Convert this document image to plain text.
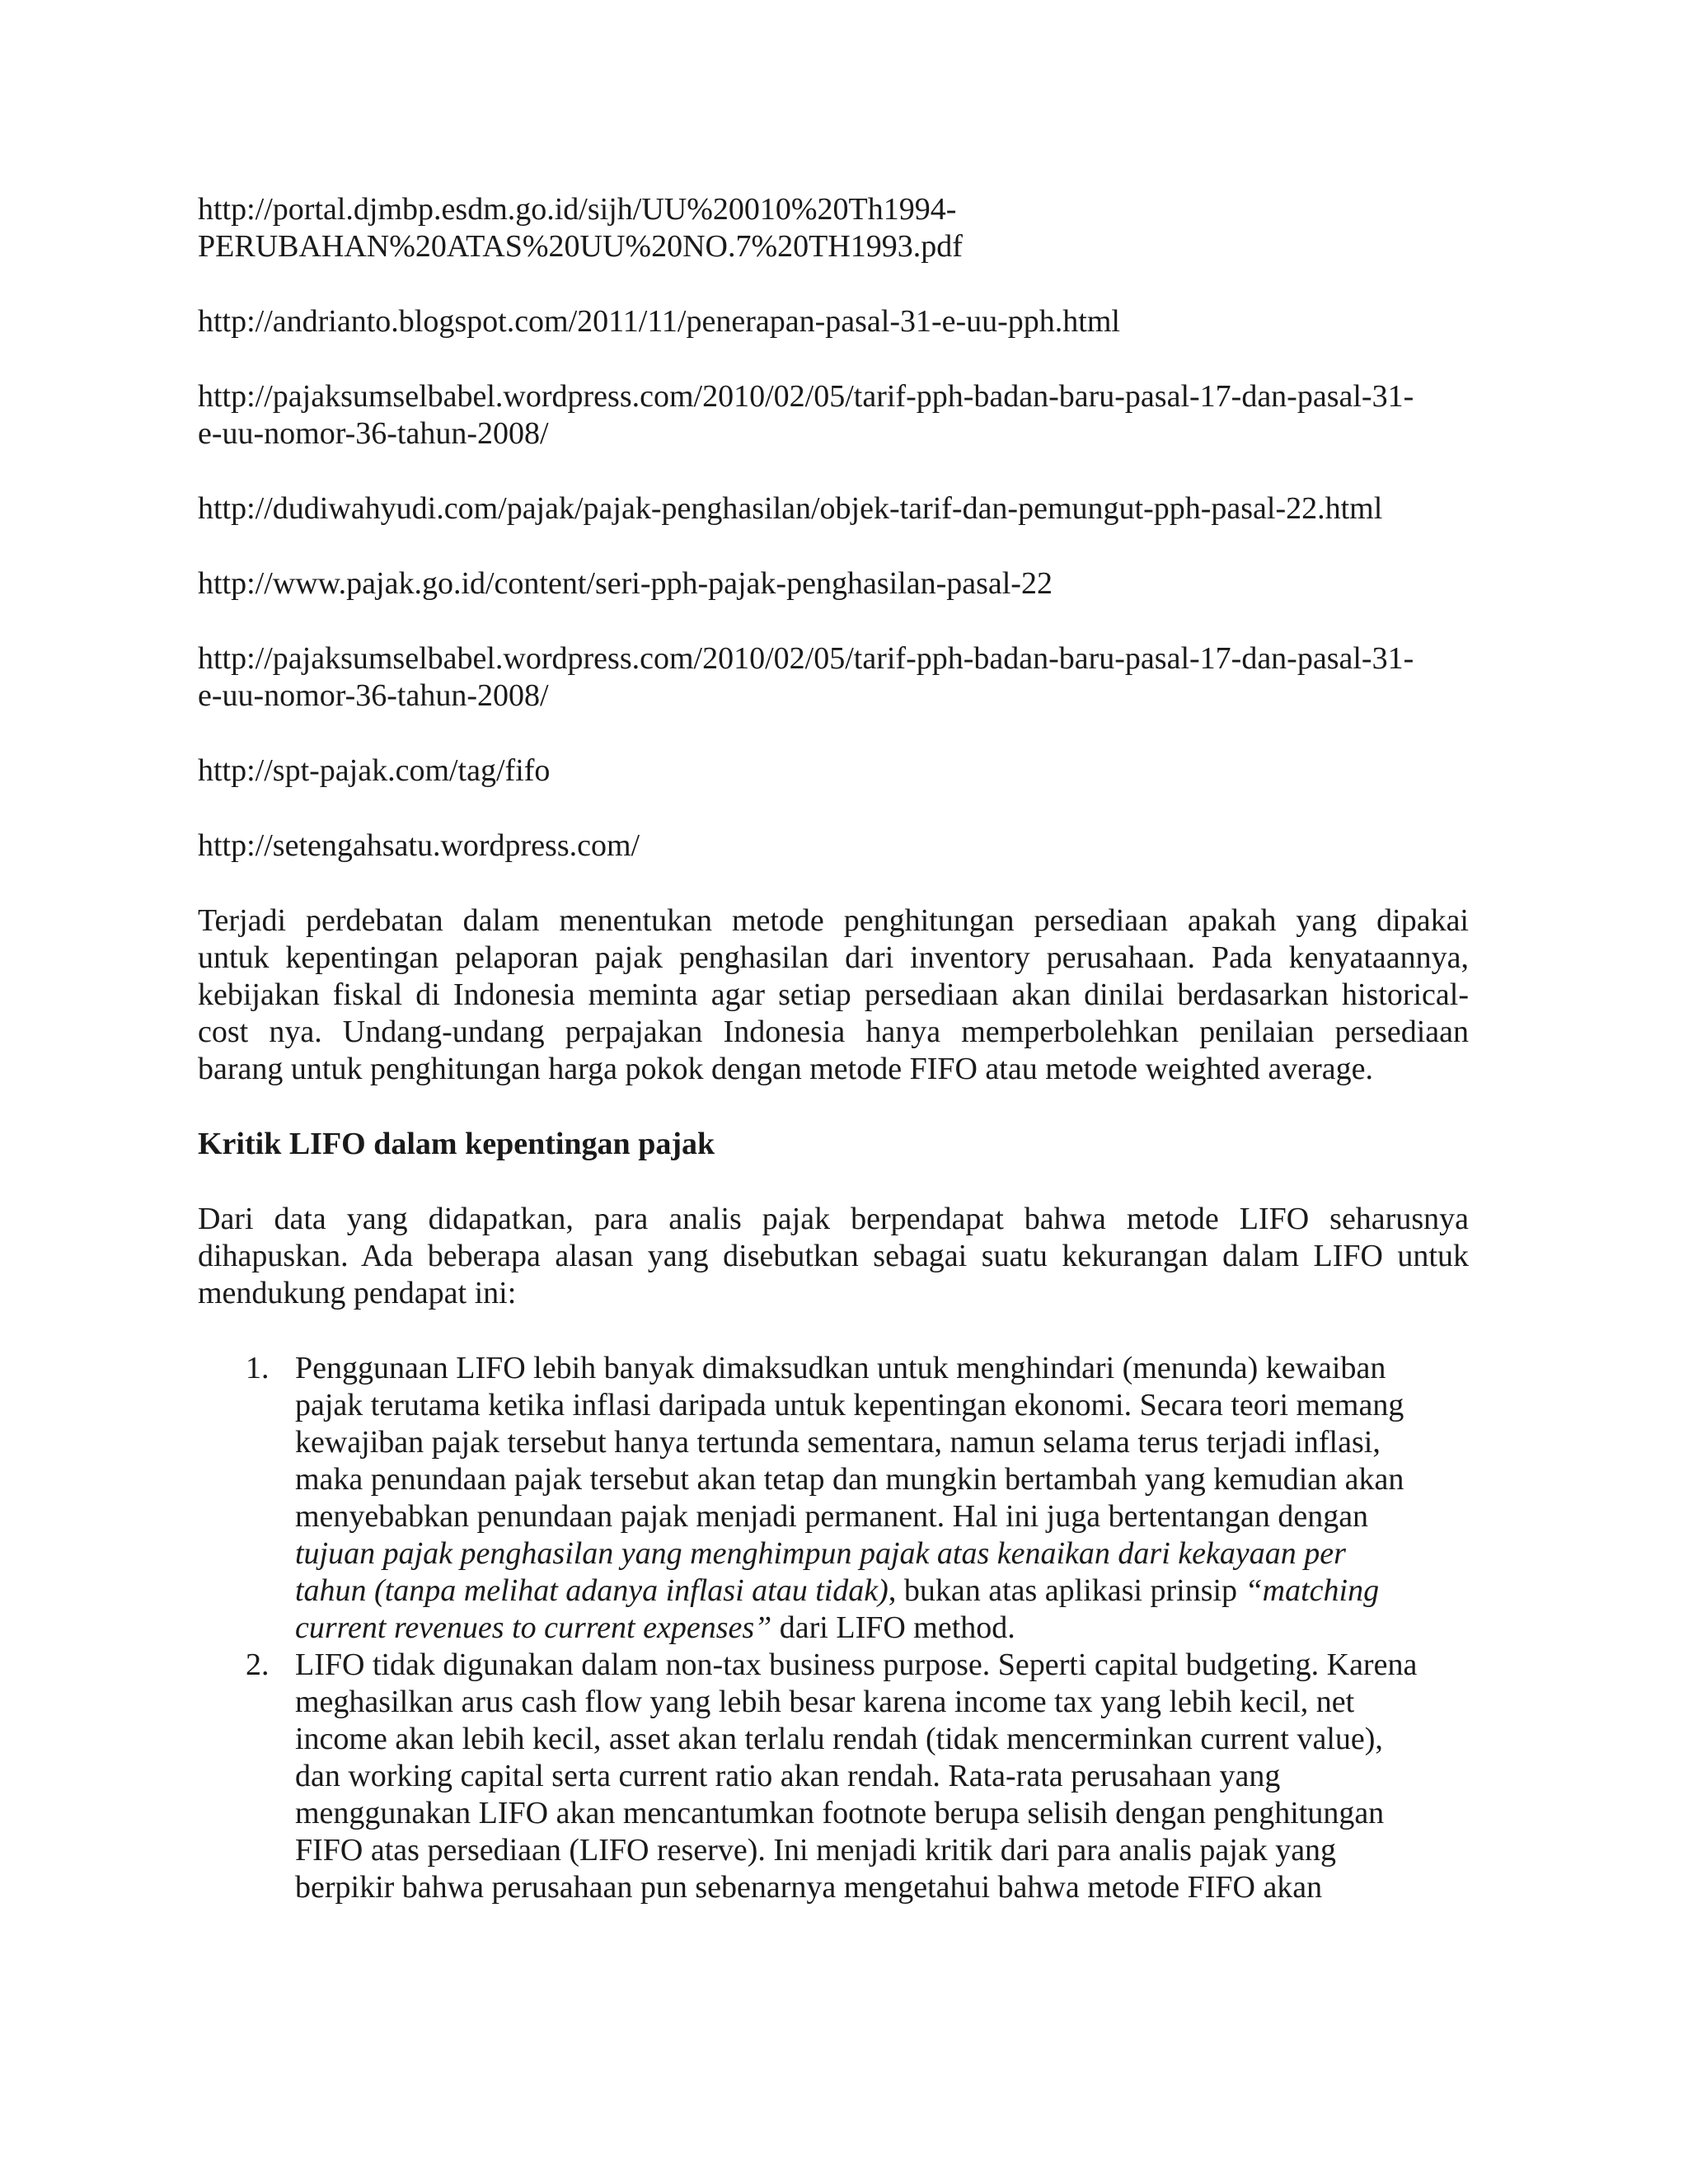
http://portal.djmbp.esdm.go.id/sijh/UU%20010%20Th1994-
PERUBAHAN%20ATAS%20UU%20NO.7%20TH1993.pdf

http://andrianto.blogspot.com/2011/11/penerapan-pasal-31-e-uu-pph.html

http://pajaksumselbabel.wordpress.com/2010/02/05/tarif-pph-badan-baru-pasal-17-dan-pasal-31-
e-uu-nomor-36-tahun-2008/

http://dudiwahyudi.com/pajak/pajak-penghasilan/objek-tarif-dan-pemungut-pph-pasal-22.html

http://www.pajak.go.id/content/seri-pph-pajak-penghasilan-pasal-22

http://pajaksumselbabel.wordpress.com/2010/02/05/tarif-pph-badan-baru-pasal-17-dan-pasal-31-
e-uu-nomor-36-tahun-2008/

http://spt-pajak.com/tag/fifo

http://setengahsatu.wordpress.com/

Terjadi perdebatan dalam menentukan metode penghitungan persediaan apakah yang dipakai
untuk kepentingan pelaporan pajak penghasilan dari inventory perusahaan. Pada kenyataannya,
kebijakan fiskal di Indonesia meminta agar setiap persediaan akan dinilai berdasarkan historical-
cost nya. Undang-undang perpajakan Indonesia hanya memperbolehkan penilaian persediaan
barang untuk penghitungan harga pokok dengan metode FIFO atau metode weighted average.

Kritik LIFO dalam kepentingan pajak

Dari data yang didapatkan, para analis pajak berpendapat bahwa metode LIFO seharusnya
dihapuskan. Ada beberapa alasan yang disebutkan sebagai suatu kekurangan dalam LIFO untuk
mendukung pendapat ini:

1. Penggunaan LIFO lebih banyak dimaksudkan untuk menghindari (menunda) kewaiban
pajak terutama ketika inflasi daripada untuk kepentingan ekonomi. Secara teori memang
kewajiban pajak tersebut hanya tertunda sementara, namun selama terus terjadi inflasi,
maka penundaan pajak tersebut akan tetap dan mungkin bertambah yang kemudian akan
menyebabkan penundaan pajak menjadi permanent. Hal ini juga bertentangan dengan
tujuan pajak penghasilan yang menghimpun pajak atas kenaikan dari kekayaan per
tahun (tanpa melihat adanya inflasi atau tidak), bukan atas aplikasi prinsip “matching
current revenues to current expenses” dari LIFO method.
2. LIFO tidak digunakan dalam non-tax business purpose. Seperti capital budgeting. Karena
meghasilkan arus cash flow yang lebih besar karena income tax yang lebih kecil, net
income akan lebih kecil, asset akan terlalu rendah (tidak mencerminkan current value),
dan working capital serta current ratio akan rendah. Rata-rata perusahaan yang
menggunakan LIFO akan mencantumkan footnote berupa selisih dengan penghitungan
FIFO atas persediaan (LIFO reserve). Ini menjadi kritik dari para analis pajak yang
berpikir bahwa perusahaan pun sebenarnya mengetahui bahwa metode FIFO akan
